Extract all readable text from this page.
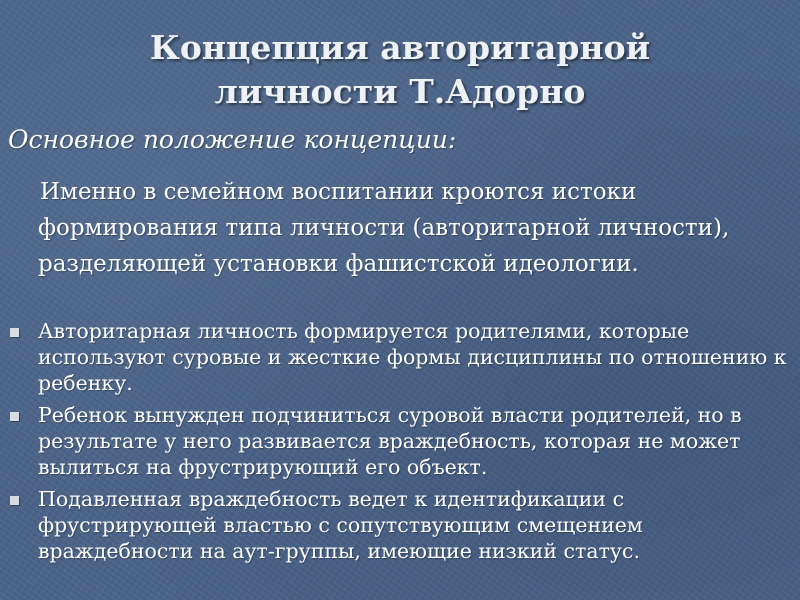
Концепция авторитарной
личности Т.Адорно
Основное положение концепции:
Именно в семейном воспитании кроются истоки формирования типа личности (авторитарной личности), разделяющей установки фашистской идеологии.
Авторитарная личность формируется родителями, которые используют суровые и жесткие формы дисциплины по отношению к ребенку.
Ребенок вынужден подчиниться суровой власти родителей, но в результате у него развивается враждебность, которая не может вылиться на фрустрирующий его объект.
Подавленная враждебность ведет к идентификации с фрустрирующей властью с сопутствующим смещением враждебности на аут-группы, имеющие низкий статус.
